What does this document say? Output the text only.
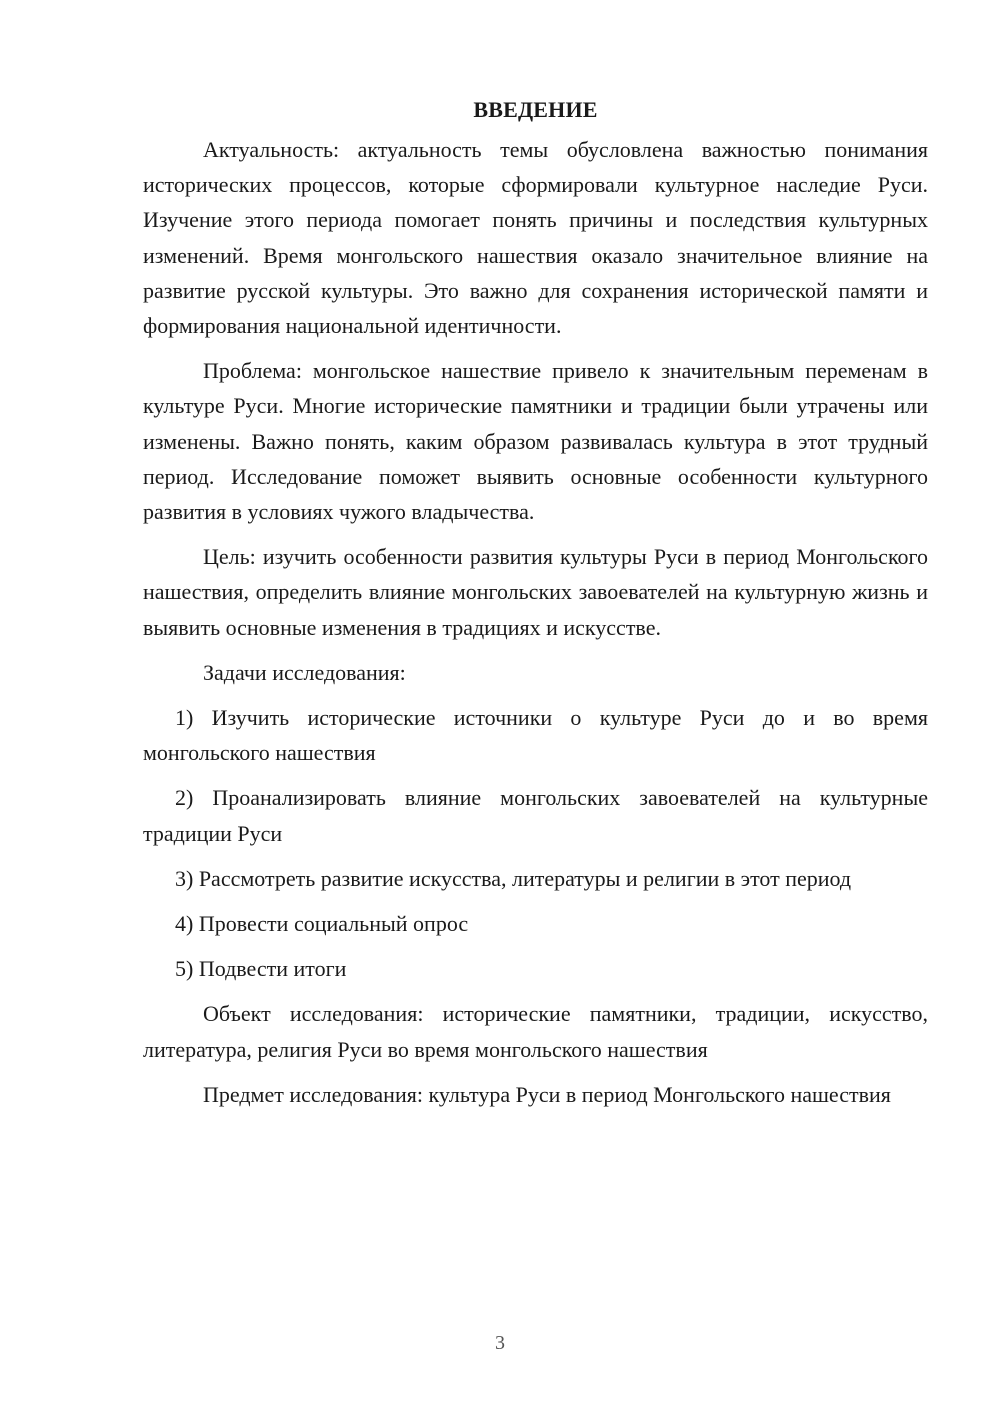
ВВЕДЕНИЕ

Актуальность: актуальность темы обусловлена важностью понимания исторических процессов, которые сформировали культурное наследие Руси. Изучение этого периода помогает понять причины и последствия культурных изменений. Время монгольского нашествия оказало значительное влияние на развитие русской культуры. Это важно для сохранения исторической памяти и формирования национальной идентичности.

Проблема: монгольское нашествие привело к значительным переменам в культуре Руси. Многие исторические памятники и традиции были утрачены или изменены. Важно понять, каким образом развивалась культура в этот трудный период. Исследование поможет выявить основные особенности культурного развития в условиях чужого владычества.

Цель: изучить особенности развития культуры Руси в период Монгольского нашествия, определить влияние монгольских завоевателей на культурную жизнь и выявить основные изменения в традициях и искусстве.

Задачи исследования:

1) Изучить исторические источники о культуре Руси до и во время монгольского нашествия

2) Проанализировать влияние монгольских завоевателей на культурные традиции Руси

3) Рассмотреть развитие искусства, литературы и религии в этот период

4) Провести социальный опрос

5) Подвести итоги

Объект исследования: исторические памятники, традиции, искусство, литература, религия Руси во время монгольского нашествия

Предмет исследования: культура Руси в период Монгольского нашествия

3
